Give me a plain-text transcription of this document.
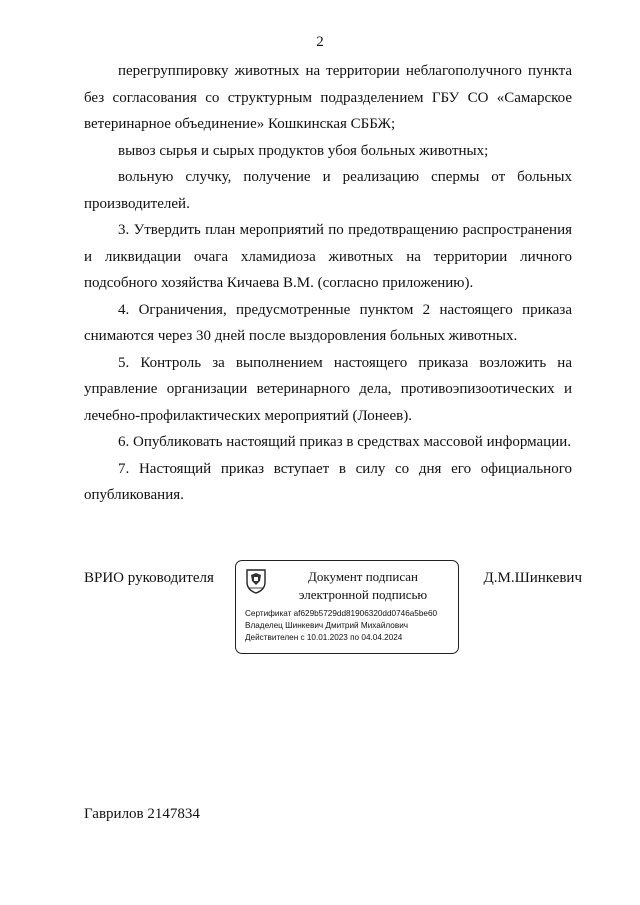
2

перегруппировку животных на территории неблагополучного пункта без согласования со структурным подразделением ГБУ СО «Самарское ветеринарное объединение» Кошкинская СББЖ;

вывоз сырья и сырых продуктов убоя больных животных;

вольную случку, получение и реализацию спермы от больных производителей.

3. Утвердить план мероприятий по предотвращению распространения и ликвидации очага хламидиоза животных на территории личного подсобного хозяйства Кичаева В.М. (согласно приложению).

4. Ограничения, предусмотренные пунктом 2 настоящего приказа снимаются через 30 дней после выздоровления больных животных.

5. Контроль за выполнением настоящего приказа возложить на управление организации ветеринарного дела, противоэпизоотических и лечебно-профилактических мероприятий (Лонеев).

6. Опубликовать настоящий приказ в средствах массовой информации.

7. Настоящий приказ вступает в силу со дня его официального опубликования.

ВРИО руководителя	Документ подписан
электронной подписью
Сертификат af629b5729dd81906320dd0746a5be60
Владелец Шинкевич Дмитрий Михайлович
Действителен с 10.01.2023 по 04.04.2024
Д.М.Шинкевич
Гаврилов 2147834
